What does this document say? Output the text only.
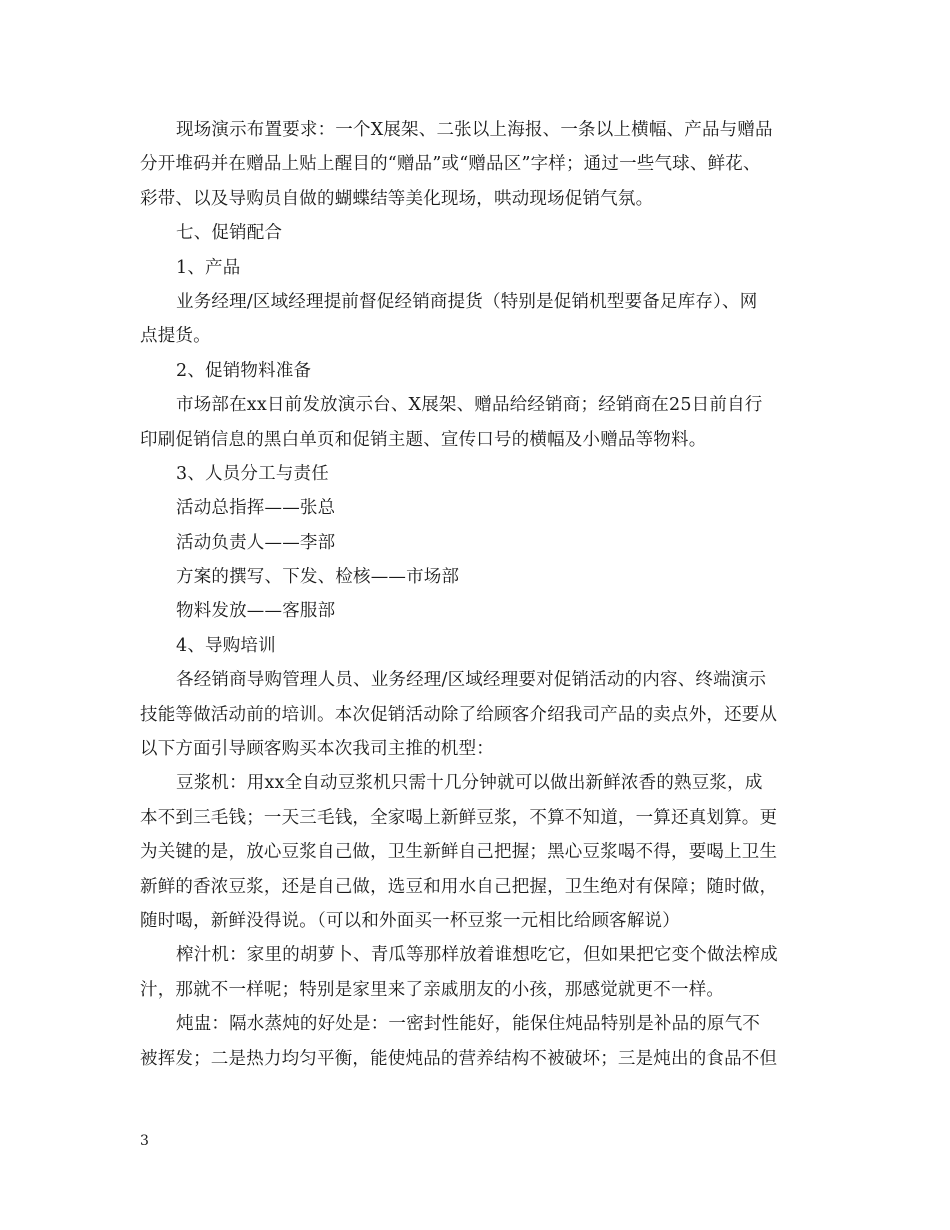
现场演示布置要求：一个X展架、二张以上海报、一条以上横幅、产品与赠品
分开堆码并在赠品上贴上醒目的“赠品”或“赠品区”字样；通过一些气球、鲜花、
彩带、以及导购员自做的蝴蝶结等美化现场，哄动现场促销气氛。
七、促销配合
1、产品
业务经理/区域经理提前督促经销商提货（特别是促销机型要备足库存）、网
点提货。
2、促销物料准备
市场部在xx日前发放演示台、X展架、赠品给经销商；经销商在25日前自行
印刷促销信息的黑白单页和促销主题、宣传口号的横幅及小赠品等物料。
3、人员分工与责任
活动总指挥——张总
活动负责人——李部
方案的撰写、下发、检核——市场部
物料发放——客服部
4、导购培训
各经销商导购管理人员、业务经理/区域经理要对促销活动的内容、终端演示
技能等做活动前的培训。本次促销活动除了给顾客介绍我司产品的卖点外，还要从
以下方面引导顾客购买本次我司主推的机型：
豆浆机：用xx全自动豆浆机只需十几分钟就可以做出新鲜浓香的熟豆浆，成
本不到三毛钱；一天三毛钱，全家喝上新鲜豆浆，不算不知道，一算还真划算。更
为关键的是，放心豆浆自己做，卫生新鲜自己把握；黑心豆浆喝不得，要喝上卫生
新鲜的香浓豆浆，还是自己做，选豆和用水自己把握，卫生绝对有保障；随时做，
随时喝，新鲜没得说。（可以和外面买一杯豆浆一元相比给顾客解说）
榨汁机：家里的胡萝卜、青瓜等那样放着谁想吃它，但如果把它变个做法榨成
汁，那就不一样呢；特别是家里来了亲戚朋友的小孩，那感觉就更不一样。
炖盅：隔水蒸炖的好处是：一密封性能好，能保住炖品特别是补品的原气不
被挥发；二是热力均匀平衡，能使炖品的营养结构不被破坏；三是炖出的食品不但
3
